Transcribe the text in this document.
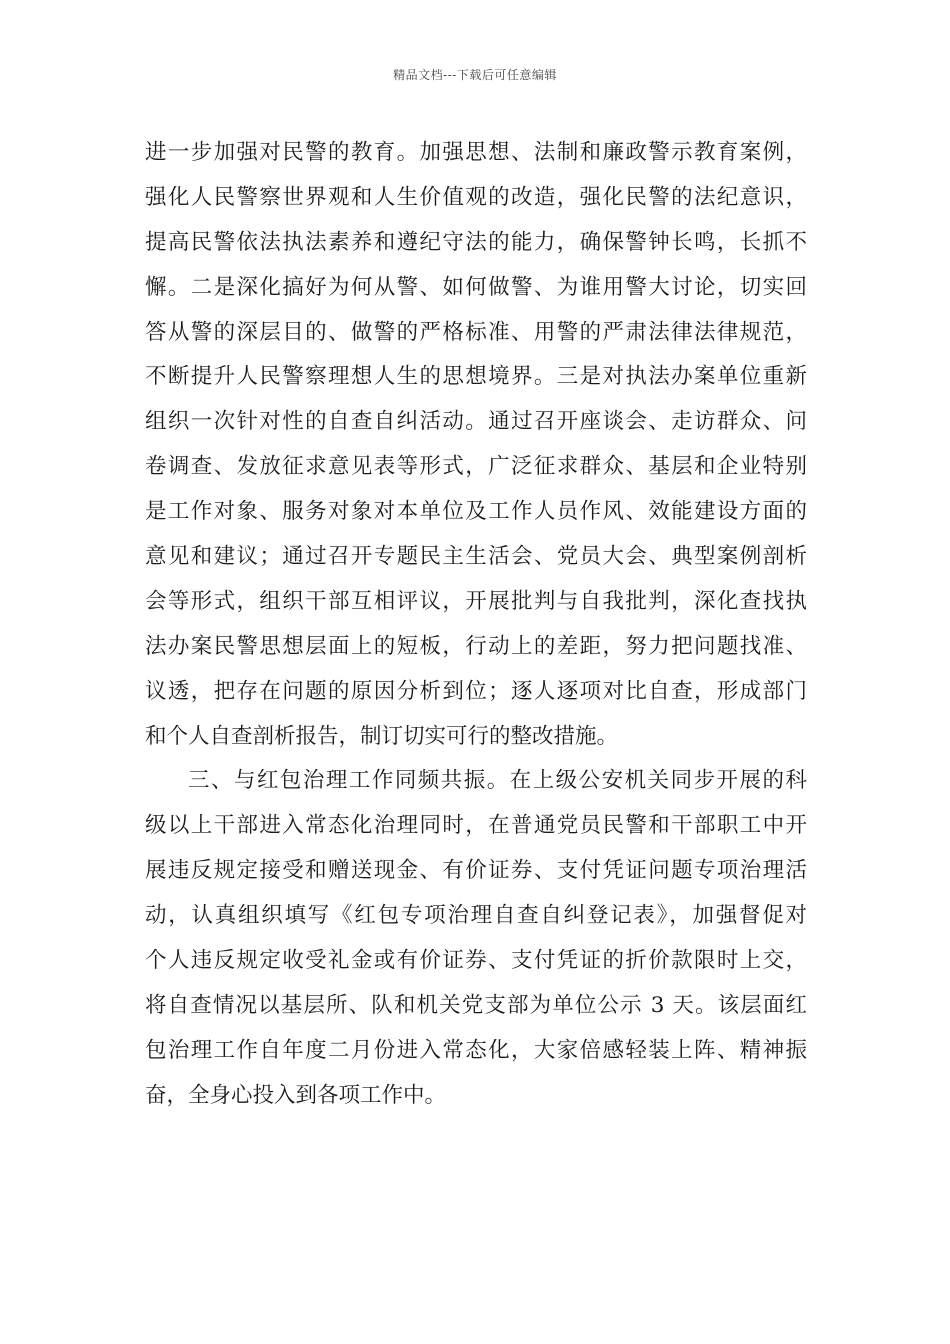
精品文档---下载后可任意编辑
进一步加强对民警的教育。加强思想、法制和廉政警示教育案例，
强化人民警察世界观和人生价值观的改造，强化民警的法纪意识，
提高民警依法执法素养和遵纪守法的能力，确保警钟长鸣，长抓不
懈。二是深化搞好为何从警、如何做警、为谁用警大讨论，切实回
答从警的深层目的、做警的严格标准、用警的严肃法律法律规范，
不断提升人民警察理想人生的思想境界。三是对执法办案单位重新
组织一次针对性的自查自纠活动。通过召开座谈会、走访群众、问
卷调查、发放征求意见表等形式，广泛征求群众、基层和企业特别
是工作对象、服务对象对本单位及工作人员作风、效能建设方面的
意见和建议；通过召开专题民主生活会、党员大会、典型案例剖析
会等形式，组织干部互相评议，开展批判与自我批判，深化查找执
法办案民警思想层面上的短板，行动上的差距，努力把问题找准、
议透，把存在问题的原因分析到位；逐人逐项对比自查，形成部门
和个人自查剖析报告，制订切实可行的整改措施。
三、与红包治理工作同频共振。在上级公安机关同步开展的科
级以上干部进入常态化治理同时，在普通党员民警和干部职工中开
展违反规定接受和赠送现金、有价证券、支付凭证问题专项治理活
动，认真组织填写《红包专项治理自查自纠登记表》，加强督促对
个人违反规定收受礼金或有价证券、支付凭证的折价款限时上交，
将自查情况以基层所、队和机关党支部为单位公示 3 天。该层面红
包治理工作自年度二月份进入常态化，大家倍感轻装上阵、精神振
奋，全身心投入到各项工作中。
